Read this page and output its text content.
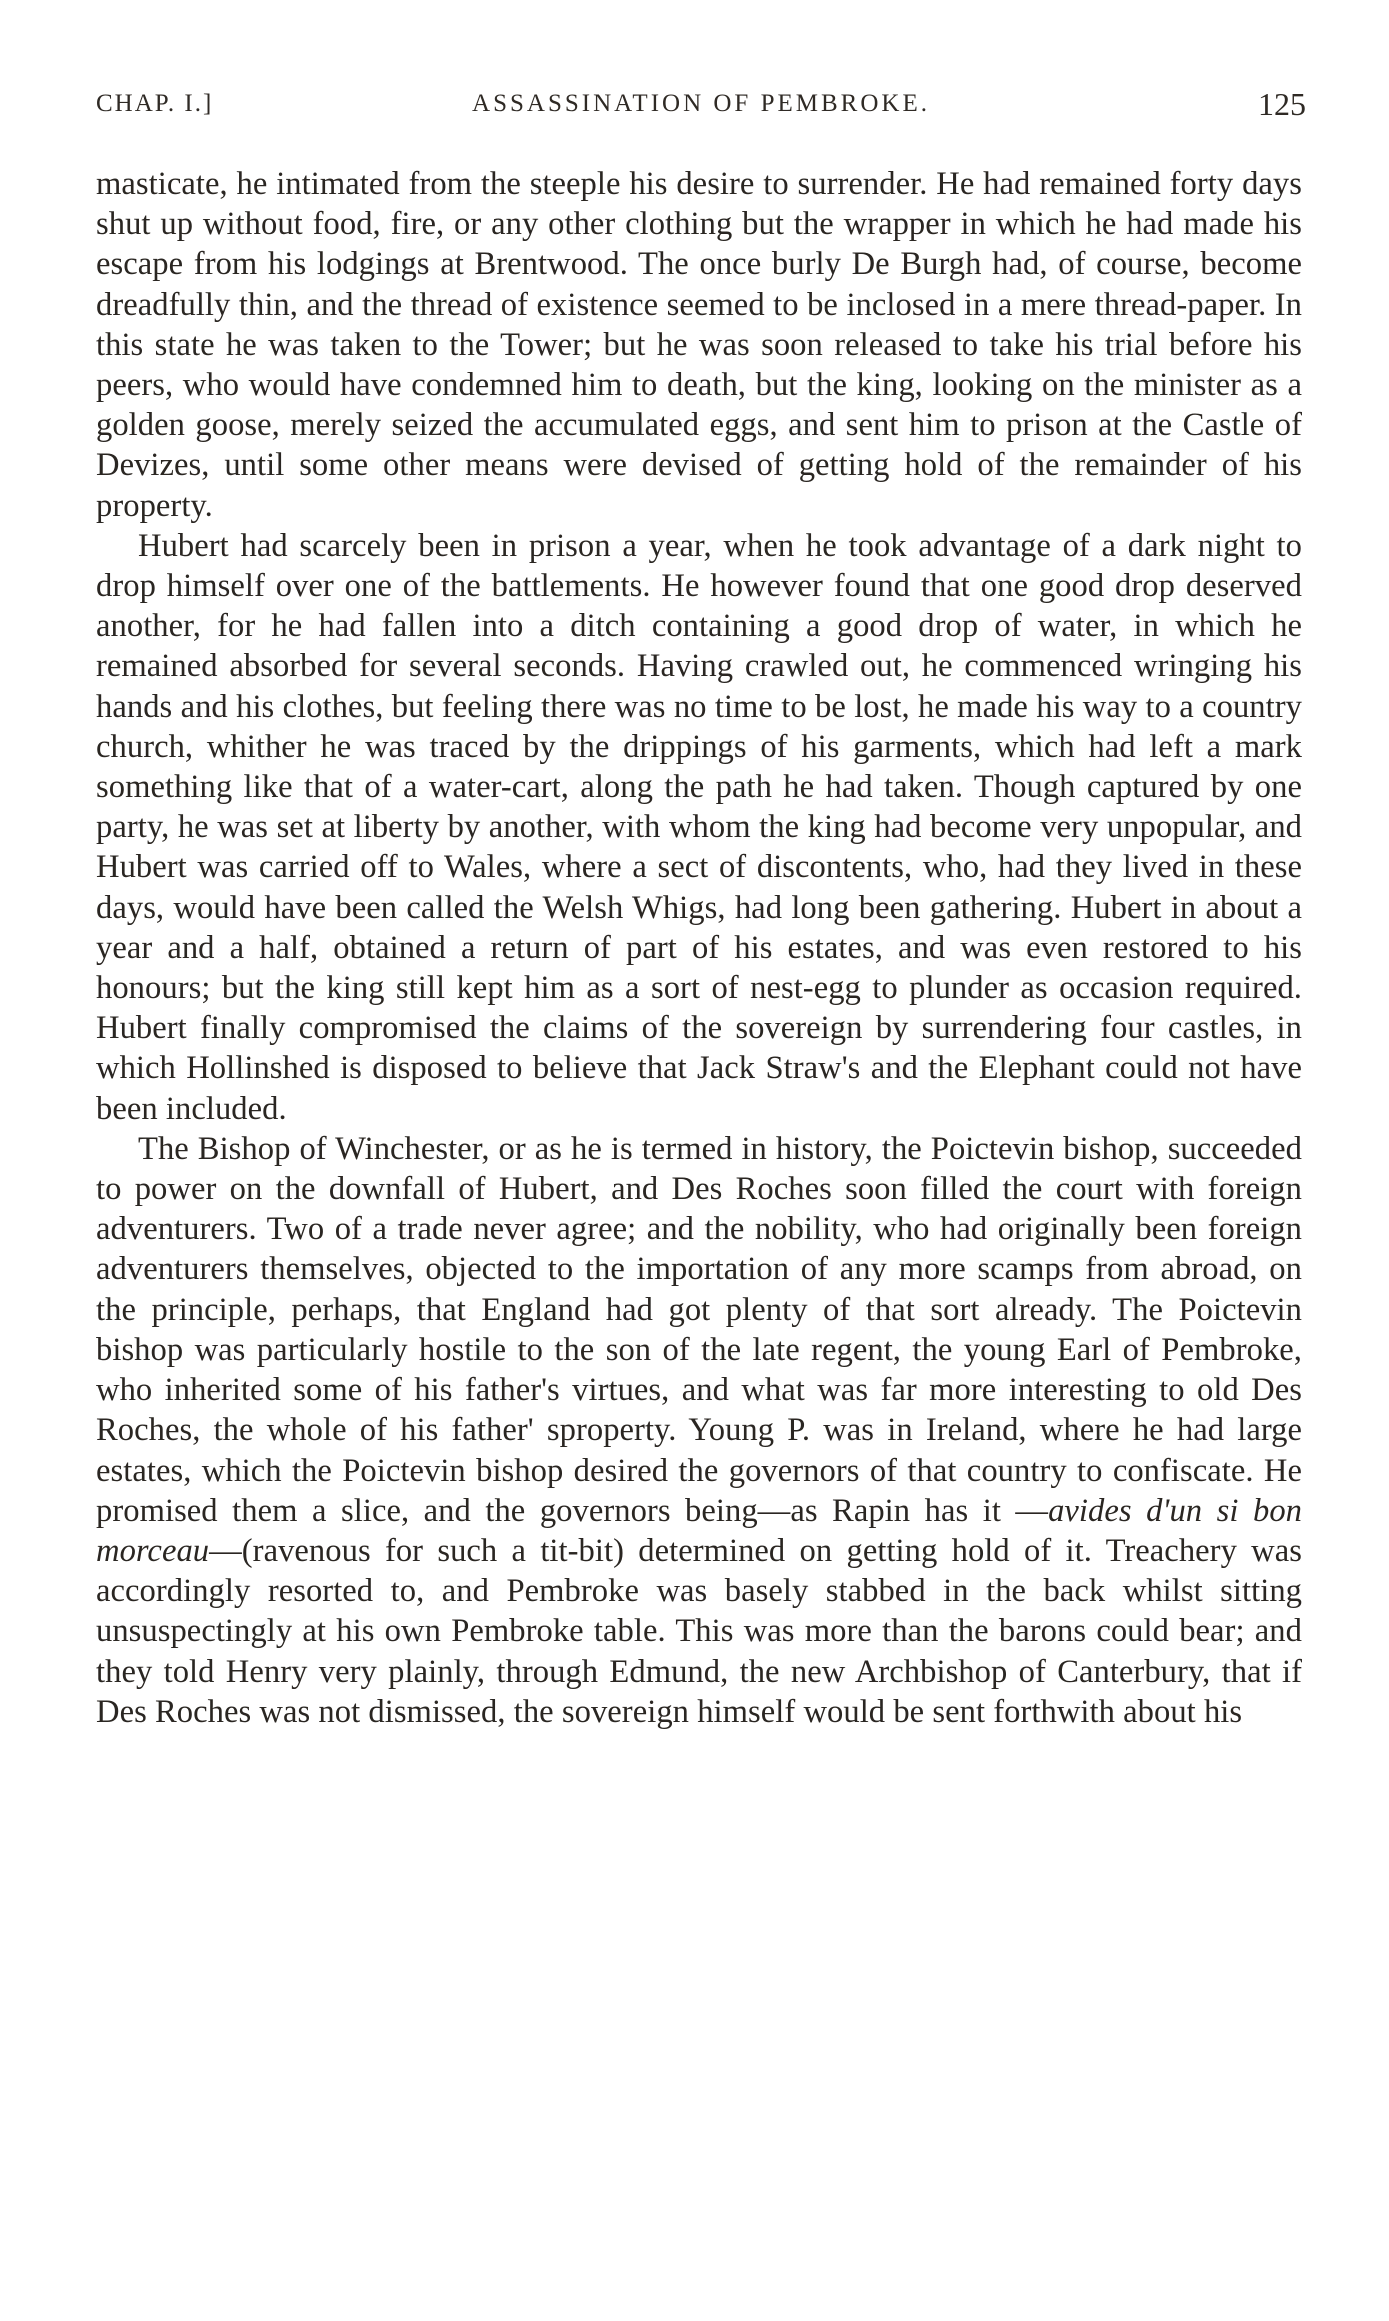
CHAP. I.]	ASSASSINATION OF PEMBROKE.	125

masticate, he intimated from the steeple his desire to surrender. He had remained forty days shut up without food, fire, or any other clothing but the wrapper in which he had made his escape from his lodgings at Brentwood. The once burly De Burgh had, of course, become dreadfully thin, and the thread of existence seemed to be inclosed in a mere thread-paper. In this state he was taken to the Tower; but he was soon released to take his trial before his peers, who would have condemned him to death, but the king, looking on the minister as a golden goose, merely seized the accumulated eggs, and sent him to prison at the Castle of Devizes, until some other means were devised of getting hold of the remainder of his property.

Hubert had scarcely been in prison a year, when he took advantage of a dark night to drop himself over one of the battlements. He however found that one good drop deserved another, for he had fallen into a ditch containing a good drop of water, in which he remained absorbed for several seconds. Having crawled out, he commenced wringing his hands and his clothes, but feeling there was no time to be lost, he made his way to a country church, whither he was traced by the drippings of his garments, which had left a mark something like that of a water-cart, along the path he had taken. Though captured by one party, he was set at liberty by another, with whom the king had become very unpopular, and Hubert was carried off to Wales, where a sect of discontents, who, had they lived in these days, would have been called the Welsh Whigs, had long been gathering. Hubert in about a year and a half, obtained a return of part of his estates, and was even restored to his honours; but the king still kept him as a sort of nest-egg to plunder as occasion required. Hubert finally compromised the claims of the sovereign by surrendering four castles, in which Hollinshed is disposed to believe that Jack Straw's and the Elephant could not have been included.

The Bishop of Winchester, or as he is termed in history, the Poictevin bishop, succeeded to power on the downfall of Hubert, and Des Roches soon filled the court with foreign adventurers. Two of a trade never agree; and the nobility, who had originally been foreign adventurers themselves, objected to the importation of any more scamps from abroad, on the principle, perhaps, that England had got plenty of that sort already. The Poictevin bishop was particularly hostile to the son of the late regent, the young Earl of Pembroke, who inherited some of his father's virtues, and what was far more interesting to old Des Roches, the whole of his father' sproperty. Young P. was in Ireland, where he had large estates, which the Poictevin bishop desired the governors of that country to confiscate. He promised them a slice, and the governors being—as Rapin has it —avides d'un si bon morceau—(ravenous for such a tit-bit) determined on getting hold of it. Treachery was accordingly resorted to, and Pembroke was basely stabbed in the back whilst sitting unsuspectingly at his own Pembroke table. This was more than the barons could bear; and they told Henry very plainly, through Edmund, the new Archbishop of Canterbury, that if Des Roches was not dismissed, the sovereign himself would be sent forthwith about his
